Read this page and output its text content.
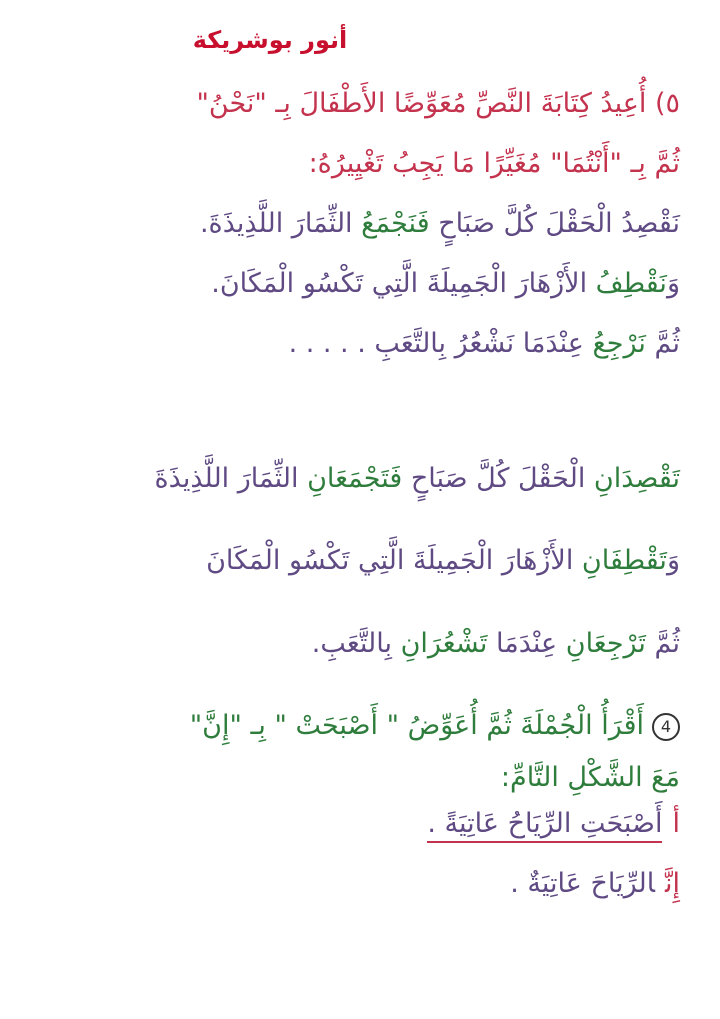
أنور بوشريكة
٥) أُعِيدُ كِتَابَةَ النَّصِّ مُعَوِّضًا الأَطْفَالَ بِـ "نَحْنُ"
ثُمَّ بِـ "أَنْتُمَا" مُغَيِّرًا مَا يَجِبُ تَغْيِيرُهُ:
نَقْصِدُ الْحَقْلَ كُلَّ صَبَاحٍ فَنَجْمَعُ الثِّمَارَ اللَّذِيذَةَ.
وَنَقْطِفُ الأَزْهَارَ الْجَمِيلَةَ الَّتِي تَكْسُو الْمَكَانَ.
ثُمَّ نَرْجِعُ عِنْدَمَا نَشْعُرُ بِالتَّعَبِ . . . . .
تَقْصِدَانِ الْحَقْلَ كُلَّ صَبَاحٍ فَتَجْمَعَانِ الثِّمَارَ اللَّذِيذَةَ
وَتَقْطِفَانِ الأَزْهَارَ الْجَمِيلَةَ الَّتِي تَكْسُو الْمَكَانَ
ثُمَّ تَرْجِعَانِ عِنْدَمَا تَشْعُرَانِ بِالتَّعَبِ.
4أَقْرَأُ الْجُمْلَةَ ثُمَّ أُعَوِّضُ " أَصْبَحَتْ " بِـ "إِنَّ"
مَعَ الشَّكْلِ التَّامِّ:
أأَصْبَحَتِ الرِّيَاحُ عَاتِيَةً .
إِنَّالرِّيَاحَ عَاتِيَةٌ .
